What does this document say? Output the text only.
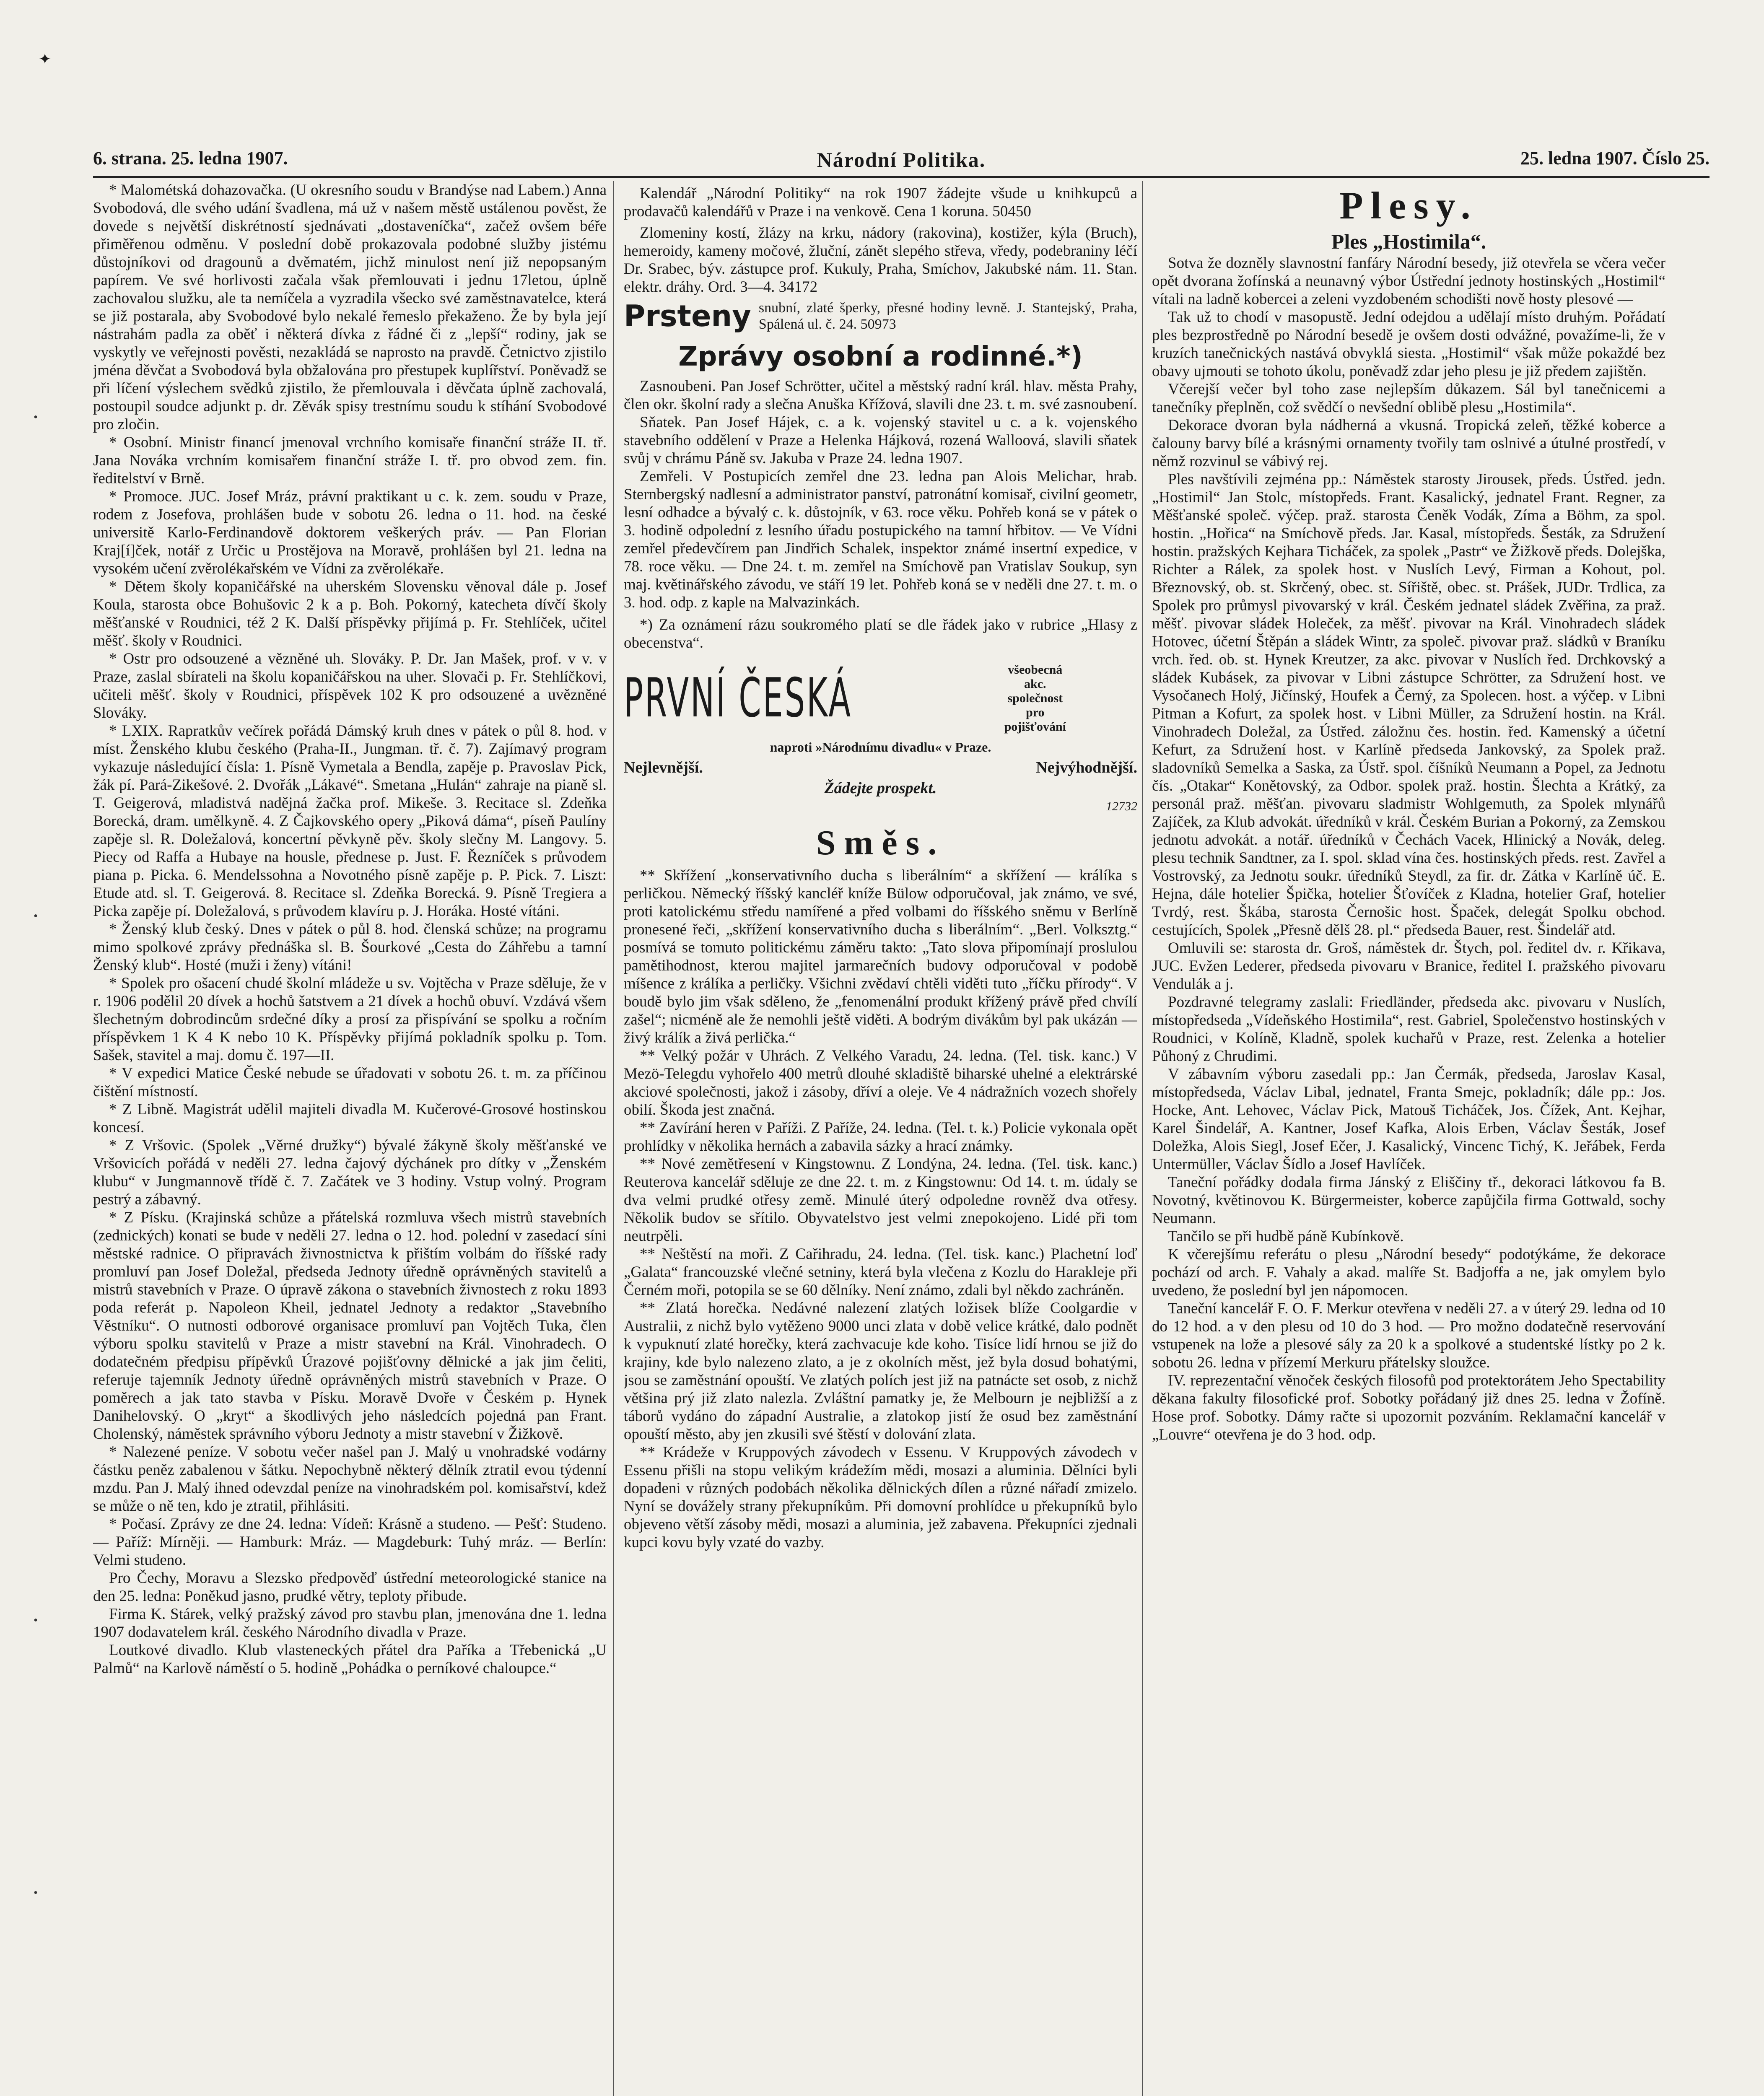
✦
•
•
•
•
6. strana. 25. ledna 1907.	Národní Politika.	25. ledna 1907. Číslo 25.

* Malométská dohazovačka. (U okresního soudu v Brandýse nad Labem.) Anna Svobodová, dle svého udání švadlena, má už v našem městě ustálenou pověst, že dovede s největší diskrétností sjednávati „dostaveníčka“, začež ovšem béře přiměřenou odměnu. V poslední době prokazovala podobné služby jistému důstojníkovi od dragounů a dvěmatém, jichž minulost není již nepopsaným papírem. Ve své horlivosti začala však přemlouvati i jednu 17letou, úplně zachovalou služku, ale ta nemíčela a vyzradila všecko své zaměstnavatelce, která se již postarala, aby Svobodové bylo nekalé řemeslo překaženo. Že by byla její nástrahám padla za oběť i některá dívka z řádné či z „lepší“ rodiny, jak se vyskytly ve veřejnosti pověsti, nezakládá se naprosto na pravdě. Četnictvo zjistilo jména děvčat a Svobodová byla obžalována pro přestupek kuplířství. Poněvadž se při líčení výslechem svědků zjistilo, že přemlouvala i děvčata úplně zachovalá, postoupil soudce adjunkt p. dr. Zěvák spisy trestnímu soudu k stíhání Svobodové pro zločin.

* Osobní. Ministr financí jmenoval vrchního komisaře finanční stráže II. tř. Jana Nováka vrchním komisařem finanční stráže I. tř. pro obvod zem. fin. ředitelství v Brně.

* Promoce. JUC. Josef Mráz, právní praktikant u c. k. zem. soudu v Praze, rodem z Josefova, prohlášen bude v sobotu 26. ledna o 11. hod. na české universitě Karlo-Ferdinandově doktorem veškerých práv. — Pan Florian Kraj[í]ček, notář z Určic u Prostějova na Moravě, prohlášen byl 21. ledna na vysokém učení zvěrolékařském ve Vídni za zvěrolékaře.

* Dětem školy kopaničářské na uherském Slovensku věnoval dále p. Josef Koula, starosta obce Bohušovic 2 k a p. Boh. Pokorný, katecheta dívčí školy měšťanské v Roudnici, též 2 K. Další příspěvky přijímá p. Fr. Stehlíček, učitel měšť. školy v Roudnici.

* Ostr pro odsouzené a vězněné uh. Slováky. P. Dr. Jan Mašek, prof. v v. v Praze, zaslal sbírateli na školu kopaničářskou na uher. Slovači p. Fr. Stehlíčkovi, učiteli měšť. školy v Roudnici, příspěvek 102 K pro odsouzené a uvězněné Slováky.

* LXIX. Rapratkův večírek pořádá Dámský kruh dnes v pátek o půl 8. hod. v míst. Ženského klubu českého (Praha-II., Jungman. tř. č. 7). Zajímavý program vykazuje následující čísla: 1. Písně Vymetala a Bendla, zapěje p. Pravoslav Pick, žák pí. Pará-Zikešové. 2. Dvořák „Lákavé“. Smetana „Hulán“ zahraje na pianě sl. T. Geigerová, mladistvá nadějná žačka prof. Mikeše. 3. Recitace sl. Zdeňka Borecká, dram. umělkyně. 4. Z Čajkovského opery „Piková dáma“, píseň Paulíny zapěje sl. R. Doležalová, koncertní pěvkyně pěv. školy slečny M. Langovy. 5. Piecy od Raffa a Hubaye na housle, přednese p. Just. F. Řezníček s průvodem piana p. Picka. 6. Mendelssohna a Novotného písně zapěje p. P. Pick. 7. Liszt: Etude atd. sl. T. Geigerová. 8. Recitace sl. Zdeňka Borecká. 9. Písně Tregiera a Picka zapěje pí. Doležalová, s průvodem klavíru p. J. Horáka. Hosté vítáni.

* Ženský klub český. Dnes v pátek o půl 8. hod. členská schůze; na programu mimo spolkové zprávy přednáška sl. B. Šourkové „Cesta do Záhřebu a tamní Ženský klub“. Hosté (muži i ženy) vítáni!

* Spolek pro ošacení chudé školní mládeže u sv. Vojtěcha v Praze sděluje, že v r. 1906 podělil 20 dívek a hochů šatstvem a 21 dívek a hochů obuví. Vzdává všem šlechetným dobrodincům srdečné díky a prosí za přispívání se spolku a ročním příspěvkem 1 K 4 K nebo 10 K. Příspěvky přijímá pokladník spolku p. Tom. Sašek, stavitel a maj. domu č. 197—II.

* V expedici Matice České nebude se úřadovati v sobotu 26. t. m. za příčinou čištění místností.

* Z Libně. Magistrát udělil majiteli divadla M. Kučerové-Grosové hostinskou koncesí.

* Z Vršovic. (Spolek „Věrné družky“) bývalé žákyně školy měšťanské ve Vršovicích pořádá v neděli 27. ledna čajový dýchánek pro dítky v „Ženském klubu“ v Jungmannově třídě č. 7. Začátek ve 3 hodiny. Vstup volný. Program pestrý a zábavný.

* Z Písku. (Krajinská schůze a přátelská rozmluva všech mistrů stavebních (zednických) konati se bude v neděli 27. ledna o 12. hod. polední v zasedací síni městské radnice. O připravách živnostnictva k přištím volbám do říšské rady promluví pan Josef Doležal, předseda Jednoty úředně oprávněných stavitelů a mistrů stavebních v Praze. O úpravě zákona o stavebních živnostech z roku 1893 poda referát p. Napoleon Kheil, jednatel Jednoty a redaktor „Stavebního Věstníku“. O nutnosti odborové organisace promluví pan Vojtěch Tuka, člen výboru spolku stavitelů v Praze a mistr stavební na Král. Vinohradech. O dodatečném předpisu přípěvků Úrazové pojišťovny dělnické a jak jim čeliti, referuje tajemník Jednoty úředně oprávněných mistrů stavebních v Praze. O poměrech a jak tato stavba v Písku. Moravě Dvoře v Českém p. Hynek Danihelovský. O „kryt“ a škodlivých jeho následcích pojedná pan Frant. Cholenský, náměstek správního výboru Jednoty a mistr stavební v Žižkově.

* Nalezené peníze. V sobotu večer našel pan J. Malý u vnohradské vodárny částku peněz zabalenou v šátku. Nepochybně některý dělník ztratil evou týdenní mzdu. Pan J. Malý ihned odevzdal peníze na vinohradském pol. komisařství, kdež se může o ně ten, kdo je ztratil, přihlásiti.

* Počasí. Zprávy ze dne 24. ledna: Vídeň: Krásně a studeno. — Pešť: Studeno. — Paříž: Mírněji. — Hamburk: Mráz. — Magdeburk: Tuhý mráz. — Berlín: Velmi studeno.

Pro Čechy, Moravu a Slezsko předpověď ústřední meteorologické stanice na den 25. ledna: Poněkud jasno, prudké větry, teploty přibude.

Firma K. Stárek, velký pražský závod pro stavbu plan, jmenována dne 1. ledna 1907 dodavatelem král. českého Národního divadla v Praze.

Loutkové divadlo. Klub vlasteneckých přátel dra Paříka a Třebenická „U Palmů“ na Karlově náměstí o 5. hodině „Pohádka o perníkové chaloupce.“

Kalendář „Národní Politiky“ na rok 1907 žádejte všude u knihkupců a prodavačů kalendářů v Praze i na venkově. Cena 1 koruna. 50450

Zlomeniny kostí, žlázy na krku, nádory (rakovina), kostižer, kýla (Bruch), hemeroidy, kameny močové, žluční, zánět slepého střeva, vředy, podebraniny léčí Dr. Srabec, býv. zástupce prof. Kukuly, Praha, Smíchov, Jakubské nám. 11. Stan. elektr. dráhy. Ord. 3—4. 34172

Prsteny snubní, zlaté šperky, přesné hodiny levně. J. Stantejský, Praha, Spálená ul. č. 24. 50973
Zprávy osobní a rodinné.*)

Zasnoubeni. Pan Josef Schrötter, učitel a městský radní král. hlav. města Prahy, člen okr. školní rady a slečna Anuška Křížová, slavili dne 23. t. m. své zasnoubení.

Sňatek. Pan Josef Hájek, c. a k. vojenský stavitel u c. a k. vojenského stavebního oddělení v Praze a Helenka Hájková, rozená Walloová, slavili sňatek svůj v chrámu Páně sv. Jakuba v Praze 24. ledna 1907.

Zemřeli. V Postupicích zemřel dne 23. ledna pan Alois Melichar, hrab. Sternbergský nadlesní a administrator panství, patronátní komisař, civilní geometr, lesní odhadce a bývalý c. k. důstojník, v 63. roce věku. Pohřeb koná se v pátek o 3. hodině odpolední z lesního úřadu postupického na tamní hřbitov. — Ve Vídni zemřel předevčírem pan Jindřich Schalek, inspektor známé insertní expedice, v 78. roce věku. — Dne 24. t. m. zemřel na Smíchově pan Vratislav Soukup, syn maj. květinářského závodu, ve stáří 19 let. Pohřeb koná se v neděli dne 27. t. m. o 3. hod. odp. z kaple na Malvazinkách.

*) Za oznámení rázu soukromého platí se dle řádek jako v rubrice „Hlasy z obecenstva“.

PRVNÍ ČESKÁ	všeobecná akc. společnost pro pojišťování
naproti »Národnímu divadlu« v Praze.
Nejlevnější.	Nejvýhodnější.
Žádejte prospekt.
12732
Směs.

** Skřížení „konservativního ducha s liberálním“ a skřížení — králíka s perličkou. Německý říšský kancléř kníže Bülow odporučoval, jak známo, ve své, proti katolickému středu namířené a před volbami do říšského sněmu v Berlíně pronesené řeči, „skřížení konservativního ducha s liberálním“. „Berl. Volksztg.“ posmívá se tomuto politickému záměru takto: „Tato slova připomínají proslulou pamětihodnost, kterou majitel jarmarečních budovy odporučoval v podobě míšence z králíka a perličky. Všichni zvědaví chtěli viděti tuto „říčku přírody“. V boudě bylo jim však sděleno, že „fenomenální produkt křížený právě před chvílí zašel“; nicméně ale že nemohli ještě viděti. A bodrým divákům byl pak ukázán — živý králík a živá perlička.“

** Velký požár v Uhrách. Z Velkého Varadu, 24. ledna. (Tel. tisk. kanc.) V Mezö-Telegdu vyhořelo 400 metrů dlouhé skladiště biharské uhelné a elektrárské akciové společnosti, jakož i zásoby, dříví a oleje. Ve 4 nádražních vozech shořely obilí. Škoda jest značná.

** Zavírání heren v Paříži. Z Paříže, 24. ledna. (Tel. t. k.) Policie vykonala opět prohlídky v několika hernách a zabavila sázky a hrací známky.

** Nové zemětřesení v Kingstownu. Z Londýna, 24. ledna. (Tel. tisk. kanc.) Reuterova kancelář sděluje ze dne 22. t. m. z Kingstownu: Od 14. t. m. údaly se dva velmi prudké otřesy země. Minulé úterý odpoledne rovněž dva otřesy. Několik budov se sřítilo. Obyvatelstvo jest velmi znepokojeno. Lidé při tom neutrpěli.

** Neštěstí na moři. Z Cařihradu, 24. ledna. (Tel. tisk. kanc.) Plachetní loď „Galata“ francouzské vlečné setniny, která byla vlečena z Kozlu do Harakleje při Černém moři, potopila se se 60 dělníky. Není známo, zdali byl někdo zachráněn.

** Zlatá horečka. Nedávné nalezení zlatých ložisek blíže Coolgardie v Australii, z nichž bylo vytěženo 9000 unci zlata v době velice krátké, dalo podnět k vypuknutí zlaté horečky, která zachvacuje kde koho. Tisíce lidí hrnou se již do krajiny, kde bylo nalezeno zlato, a je z okolních měst, jež byla dosud bohatými, jsou se zaměstnání opouští. Ve zlatých polích jest již na patnácte set osob, z nichž většina prý již zlato nalezla. Zvláštní pamatky je, že Melbourn je nejbližší a z táborů vydáno do západní Australie, a zlatokop jistí že osud bez zaměstnání opouští město, aby jen zkusili své štěstí v dolování zlata.

** Krádeže v Kruppových závodech v Essenu. V Kruppových závodech v Essenu přišli na stopu velikým krádežím mědi, mosazi a aluminia. Dělníci byli dopadeni v různých podobách několika dělnických dílen a různé nářadí zmizelo. Nyní se dovážely strany překupníkům. Při domovní prohlídce u překupníků bylo objeveno větší zásoby mědi, mosazi a aluminia, jež zabavena. Překupníci zjednali kupci kovu byly vzaté do vazby.

Plesy.
Ples „Hostimila“.

Sotva že dozněly slavnostní fanfáry Národní besedy, již otevřela se včera večer opět dvorana žofínská a neunavný výbor Ústřední jednoty hostinských „Hostimil“ vítali na ladně kobercei a zeleni vyzdobeném schodišti nově hosty plesové —

Tak už to chodí v masopustě. Jední odejdou a udělají místo druhým. Pořádatí ples bezprostředně po Národní besedě je ovšem dosti odvážné, považíme-li, že v kruzích tanečnických nastává obvyklá siesta. „Hostimil“ však může pokaždé bez obavy ujmouti se tohoto úkolu, poněvadž zdar jeho plesu je již předem zajištěn.

Včerejší večer byl toho zase nejlepším důkazem. Sál byl tanečnicemi a tanečníky přeplněn, což svědčí o nevšední oblibě plesu „Hostimila“.

Dekorace dvoran byla nádherná a vkusná. Tropická zeleň, těžké koberce a čalouny barvy bílé a krásnými ornamenty tvořily tam oslnivé a útulné prostředí, v němž rozvinul se vábivý rej.

Ples navštívili zejména pp.: Náměstek starosty Jirousek, předs. Ústřed. jedn. „Hostimil“ Jan Stolc, místopředs. Frant. Kasalický, jednatel Frant. Regner, za Měšťanské společ. výčep. praž. starosta Čeněk Vodák, Zíma a Böhm, za spol. hostin. „Hořica“ na Smíchově předs. Jar. Kasal, místopředs. Šesták, za Sdružení hostin. pražských Kejhara Ticháček, za spolek „Pastr“ ve Žižkově předs. Dolejška, Richter a Rálek, za spolek host. v Nuslích Levý, Firman a Kohout, pol. Březnovský, ob. st. Skrčený, obec. st. Sířiště, obec. st. Prášek, JUDr. Trdlica, za Spolek pro průmysl pivovarský v král. Českém jednatel sládek Zvěřina, za praž. měšť. pivovar sládek Holeček, za měšť. pivovar na Král. Vinohradech sládek Hotovec, účetní Štěpán a sládek Wintr, za společ. pivovar praž. sládků v Braníku vrch. řed. ob. st. Hynek Kreutzer, za akc. pivovar v Nuslích řed. Drchkovský a sládek Kubásek, za pivovar v Libni zástupce Schrötter, za Sdružení host. ve Vysočanech Holý, Jičínský, Houfek a Černý, za Spolecen. host. a výčep. v Libni Pitman a Kofurt, za spolek host. v Libni Müller, za Sdružení hostin. na Král. Vinohradech Doležal, za Ústřed. záložnu čes. hostin. řed. Kamenský a účetní Kefurt, za Sdružení host. v Karlíně předseda Jankovský, za Spolek praž. sladovníků Semelka a Saska, za Ústř. spol. číšníků Neumann a Popel, za Jednotu čís. „Otakar“ Konětovský, za Odbor. spolek praž. hostin. Šlechta a Krátký, za personál praž. měšťan. pivovaru sladmistr Wohlgemuth, za Spolek mlynářů Zajíček, za Klub advokát. úředníků v král. Českém Burian a Pokorný, za Zemskou jednotu advokát. a notář. úředníků v Čechách Vacek, Hlinický a Novák, deleg. plesu technik Sandtner, za I. spol. sklad vína čes. hostinských předs. rest. Zavřel a Vostrovský, za Jednotu soukr. úředníků Steydl, za fir. dr. Zátka v Karlíně úč. E. Hejna, dále hotelier Špička, hotelier Šťovíček z Kladna, hotelier Graf, hotelier Tvrdý, rest. Škába, starosta Černošic host. Špaček, delegát Spolku obchod. cestujících, Spolek „Přesně dělš 28. pl.“ předseda Bauer, rest. Šindelář atd.

Omluvili se: starosta dr. Groš, náměstek dr. Štych, pol. ředitel dv. r. Křikava, JUC. Evžen Lederer, předseda pivovaru v Branice, ředitel I. pražského pivovaru Vendulák a j.

Pozdravné telegramy zaslali: Friedländer, předseda akc. pivovaru v Nuslích, místopředseda „Vídeňského Hostimila“, rest. Gabriel, Společenstvo hostinských v Roudnici, v Kolíně, Kladně, spolek kuchařů v Praze, rest. Zelenka a hotelier Půhoný z Chrudimi.

V zábavním výboru zasedali pp.: Jan Čermák, předseda, Jaroslav Kasal, místopředseda, Václav Libal, jednatel, Franta Smejc, pokladník; dále pp.: Jos. Hocke, Ant. Lehovec, Václav Pick, Matouš Ticháček, Jos. Čížek, Ant. Kejhar, Karel Šindelář, A. Kantner, Josef Kafka, Alois Erben, Václav Šesták, Josef Doležka, Alois Siegl, Josef Ečer, J. Kasalický, Vincenc Tichý, K. Jeřábek, Ferda Untermüller, Václav Šídlo a Josef Havlíček.

Taneční pořádky dodala firma Jánský z Eliščiny tř., dekoraci látkovou fa B. Novotný, květinovou K. Bürgermeister, koberce zapůjčila firma Gottwald, sochy Neumann.

Tančilo se při hudbě páně Kubínkově.

K včerejšímu referátu o plesu „Národní besedy“ podotýkáme, že dekorace pochází od arch. F. Vahaly a akad. malíře St. Badjoffa a ne, jak omylem bylo uvedeno, že poslední byl jen nápomocen.

Taneční kancelář F. O. F. Merkur otevřena v neděli 27. a v úterý 29. ledna od 10 do 12 hod. a v den plesu od 10 do 3 hod. — Pro možno dodatečně reservování vstupenek na lože a plesové sály za 20 k a spolkové a studentské lístky po 2 k. sobotu 26. ledna v přízemí Merkuru přátelsky sloužce.

IV. reprezentační věnoček českých filosofů pod protektorátem Jeho Spectability děkana fakulty filosofické prof. Sobotky pořádaný již dnes 25. ledna v Žofíně. Hose prof. Sobotky. Dámy račte si upozornit pozváním. Reklamační kancelář v „Louvre“ otevřena je do 3 hod. odp.
